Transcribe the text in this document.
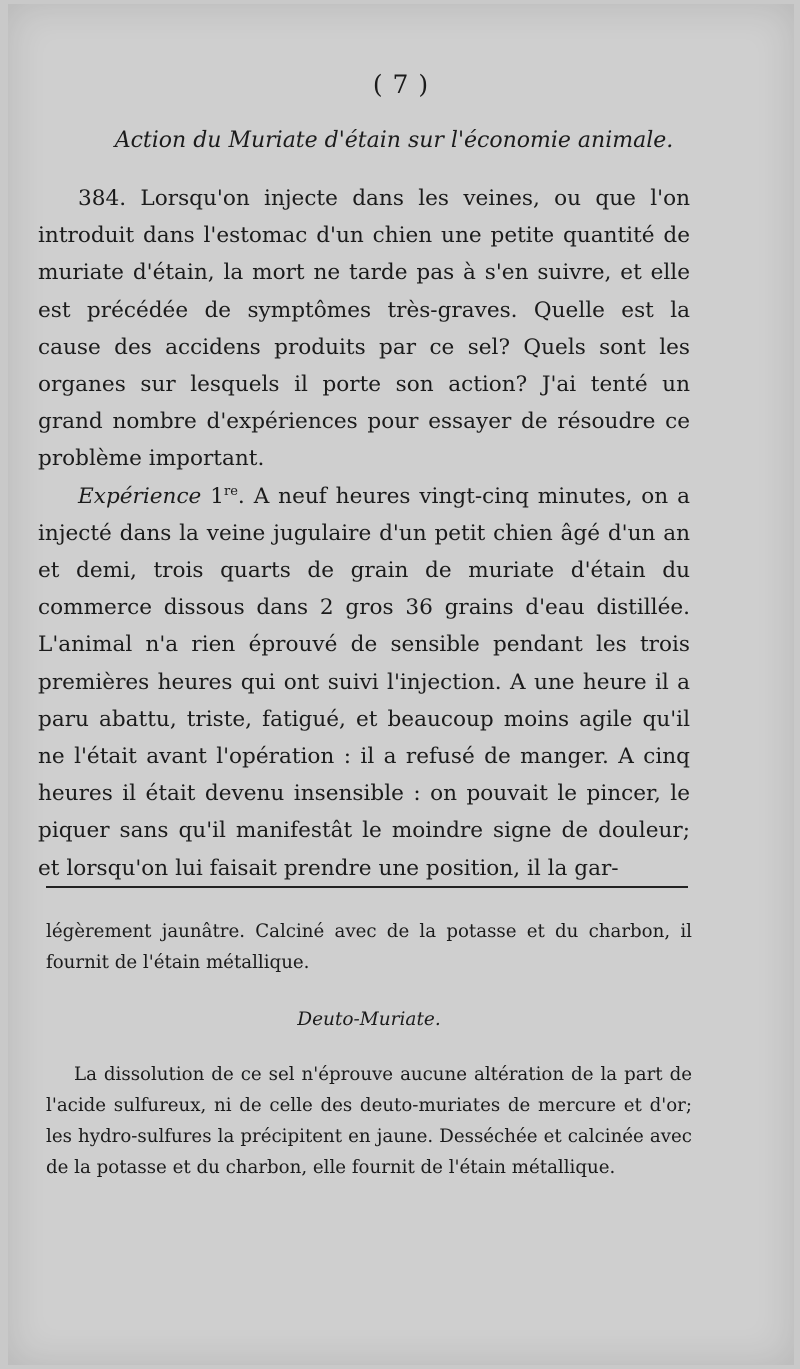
( 7 )
Action du Muriate d'étain sur l'économie animale.

384. Lorsqu'on injecte dans les veines, ou que l'on introduit dans l'estomac d'un chien une petite quantité de muriate d'étain, la mort ne tarde pas à s'en suivre, et elle est précédée de symptômes très-graves. Quelle est la cause des accidens produits par ce sel? Quels sont les organes sur lesquels il porte son action? J'ai tenté un grand nombre d'expériences pour essayer de résoudre ce problème important.

Expérience 1re. A neuf heures vingt-cinq minutes, on a injecté dans la veine jugulaire d'un petit chien âgé d'un an et demi, trois quarts de grain de muriate d'étain du commerce dissous dans 2 gros 36 grains d'eau distillée. L'animal n'a rien éprouvé de sensible pendant les trois premières heures qui ont suivi l'injection. A une heure il a paru abattu, triste, fatigué, et beaucoup moins agile qu'il ne l'était avant l'opération : il a refusé de manger. A cinq heures il était devenu insensible : on pouvait le pincer, le piquer sans qu'il manifestât le moindre signe de douleur; et lorsqu'on lui faisait prendre une position, il la gar-

légèrement jaunâtre. Calciné avec de la potasse et du charbon, il fournit de l'étain métallique.

Deuto-Muriate.

La dissolution de ce sel n'éprouve aucune altération de la part de l'acide sulfureux, ni de celle des deuto-muriates de mercure et d'or; les hydro-sulfures la précipitent en jaune. Desséchée et calcinée avec de la potasse et du charbon, elle fournit de l'étain métallique.
